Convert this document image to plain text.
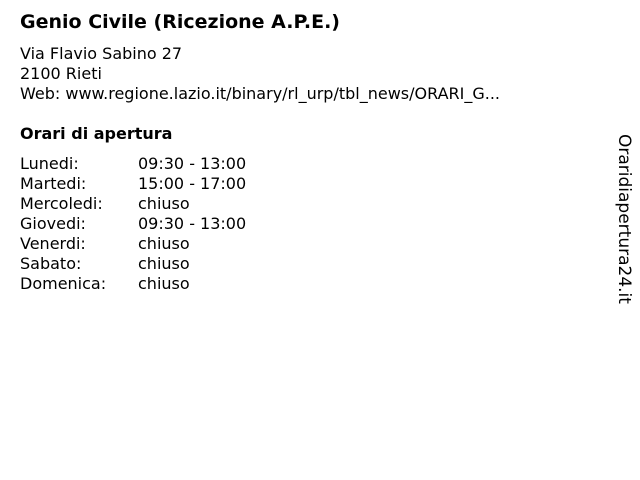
Genio Civile (Ricezione A.P.E.)
Via Flavio Sabino 27
2100 Rieti
Web: www.regione.lazio.it/binary/rl_urp/tbl_news/ORARI_G...
Orari di apertura
Lunedi:	09:30 - 13:00
Martedi:	15:00 - 17:00
Mercoledi: chiuso
Giovedi:	09:30 - 13:00
Venerdi:	chiuso
Sabato:	chiuso
Domenica: chiuso	Oraridiapertura24.it
